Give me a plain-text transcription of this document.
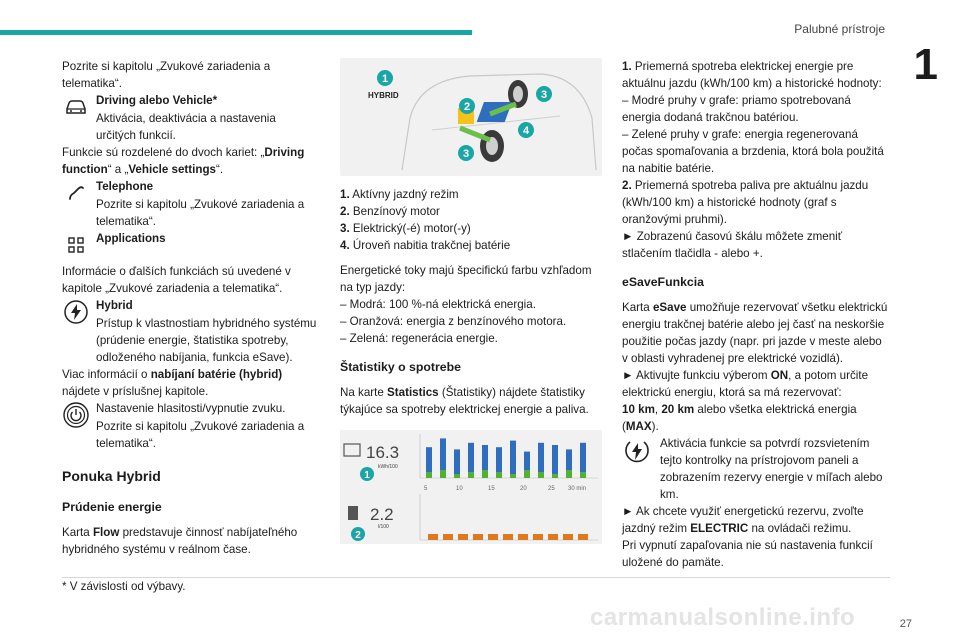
Palubné prístroje
1

Pozrite si kapitolu „Zvukové zariadenia a telematika“.

Driving alebo Vehicle*

Aktivácia, deaktivácia a nastavenia určitých funkcií.

Funkcie sú rozdelené do dvoch kariet: „Driving function“ a „Vehicle settings“.

Telephone

Pozrite si kapitolu „Zvukové zariadenia a telematika“.

Applications

Informácie o ďalších funkciách sú uvedené v kapitole „Zvukové zariadenia a telematika“.

Hybrid

Prístup k vlastnostiam hybridného systému (prúdenie energie, štatistika spotreby, odloženého nabíjania, funkcia eSave).

Viac informácií o nabíjaní batérie (hybrid) nájdete v príslušnej kapitole.

Nastavenie hlasitosti/vypnutie zvuku.

Pozrite si kapitolu „Zvukové zariadenia a telematika“.

Ponuka Hybrid

Prúdenie energie

Karta Flow predstavuje činnosť nabíjateľného hybridného systému v reálnom čase.

1
HYBRID
2
3
3
4

1. Aktívny jazdný režim

2. Benzínový motor

3. Elektrický(-é) motor(-y)

4. Úroveň nabitia trakčnej batérie

Energetické toky majú špecifickú farbu vzhľadom na typ jazdy:

– Modrá: 100 %-ná elektrická energia.

– Oranžová: energia z benzínového motora.

– Zelená: regenerácia energie.

Štatistiky o spotrebe

Na karte Statistics (Štatistiky) nájdete štatistiky týkajúce sa spotreby elektrickej energie a paliva.

16.3
kWh/100
1
2.2
l/100
2
5	10	15	20	25 30 min

1. Priemerná spotreba elektrickej energie pre aktuálnu jazdu (kWh/100 km) a historické hodnoty:

– Modré pruhy v grafe: priamo spotrebovaná energia dodaná trakčnou batériou.

– Zelené pruhy v grafe: energia regenerovaná počas spomaľovania a brzdenia, ktorá bola použitá na nabitie batérie.

2. Priemerná spotreba paliva pre aktuálnu jazdu (kWh/100 km) a historické hodnoty (graf s oranžovými pruhmi).

► Zobrazenú časovú škálu môžete zmeniť stlačením tlačidla - alebo +.

eSaveFunkcia

Karta eSave umožňuje rezervovať všetku elektrickú energiu trakčnej batérie alebo jej časť na neskoršie použitie počas jazdy (napr. pri jazde v meste alebo v oblasti vyhradenej pre elektrické vozidlá).

► Aktivujte funkciu výberom ON, a potom určite elektrickú energiu, ktorá sa má rezervovať:

10 km, 20 km alebo všetka elektrická energia (MAX).

Aktivácia funkcie sa potvrdí rozsvietením tejto kontrolky na prístrojovom paneli a zobrazením rezervy energie v míľach alebo km.

► Ak chcete využiť energetickú rezervu, zvoľte jazdný režim ELECTRIC na ovládači režimu.

Pri vypnutí zapaľovania nie sú nastavenia funkcií uložené do pamäte.

* V závislosti od výbavy.
carmanualsonline.info	27
